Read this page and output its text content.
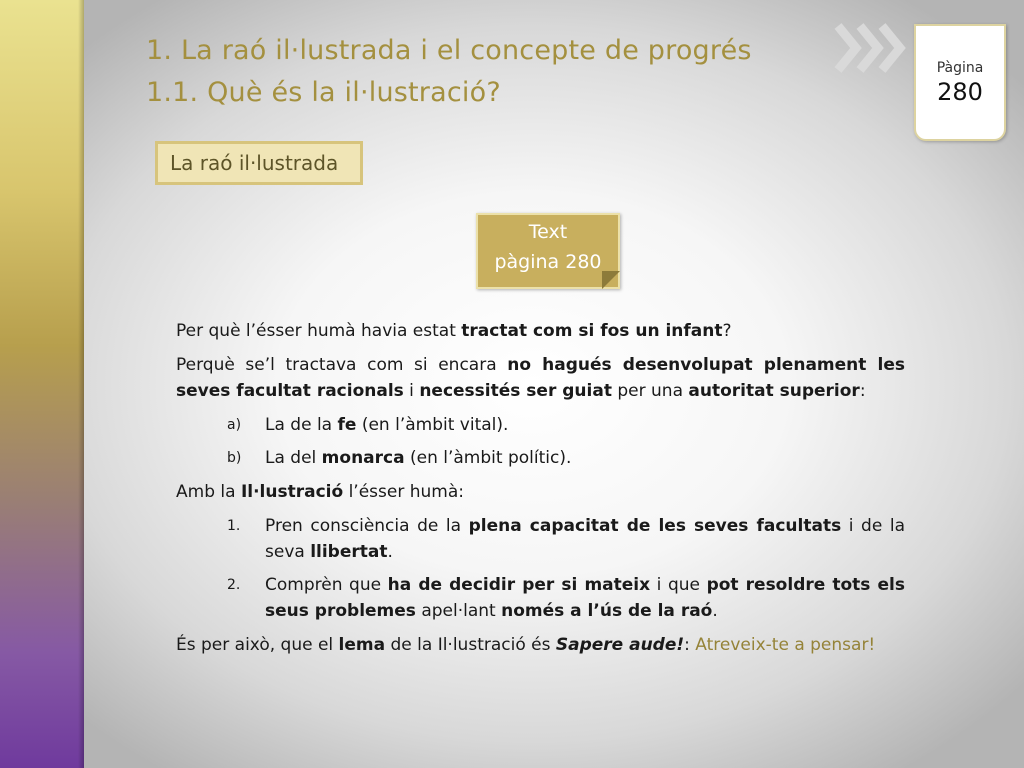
1. La raó il·lustrada i el concepte de progrés
1.1. Què és la il·lustració?
Pàgina
280
La raó il·lustrada
Text
pàgina 280

Per què l’ésser humà havia estat tractat com si fos un infant?

Perquè se’l tractava com si encara no hagués desenvolupat plenament les seves facultat racionals i necessités ser guiat per una autoritat superior:

a)	La de la fe (en l’àmbit vital).
b)	La del monarca (en l’àmbit polític).

Amb la Il·lustració l’ésser humà:

1.	Pren consciència de la plena capacitat de les seves facultats i de la seva llibertat.
2.	Comprèn que ha de decidir per si mateix i que pot resoldre tots els seus problemes apel·lant només a l’ús de la raó.

És per això, que el lema de la Il·lustració és Sapere aude!: Atreveix-te a pensar!
